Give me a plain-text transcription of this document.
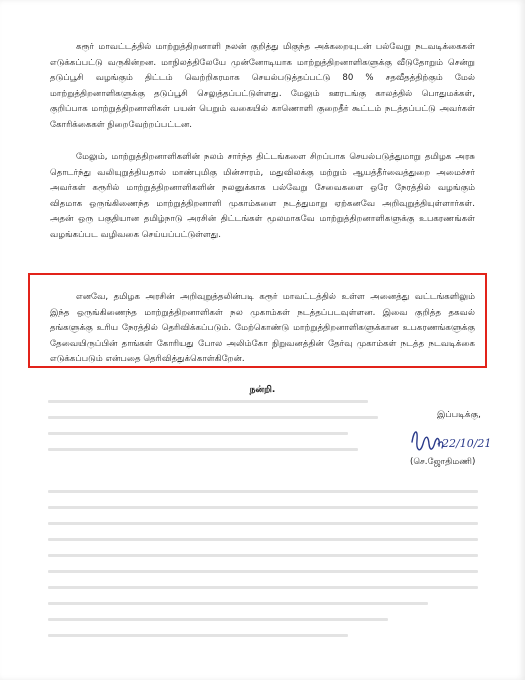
கரூர் மாவட்டத்தில் மாற்றுத்திறனாளி நலன் குறித்து மிகுந்த அக்கறையுடன் பல்வேறு நடவடிக்கைகள் எடுக்கப்பட்டு வருகின்றன. மாநிலத்திலேயே முன்னோடியாக மாற்றுத்திறனாளிகளுக்கு வீடுதோறும் சென்று தடுப்பூசி வழங்கும் திட்டம் வெற்றிகரமாக செயல்படுத்தப்பட்டு 80 % சதவீதத்திற்கும் மேல் மாற்றுத்திறனாளிகளுக்கு தடுப்பூசி செலுத்தப்பட்டுள்ளது. மேலும் ஊரடங்கு காலத்தில் பொதுமக்கள், குறிப்பாக மாற்றுத்திறனாளிகள் பயன் பெறும் வகையில் காணொளி குறைதீர் கூட்டம் நடத்தப்பட்டு அவர்கள் கோரிக்கைகள் நிறைவேற்றப்பட்டன.

மேலும், மாற்றுத்திறனாளிகளின் நலம் சார்ந்த திட்டங்களை சிறப்பாக செயல்படுத்துமாறு தமிழக அரசு தொடர்ந்து வலியுறுத்தியதால் மாண்புமிகு மின்சாரம், மதுவிலக்கு மற்றும் ஆயத்தீர்வைத்துறை அமைச்சர் அவர்கள் கரூரில் மாற்றுத்திறனாளிகளின் நலனுக்காக பல்வேறு சேவைகளை ஒரே நேரத்தில் வழங்கும் விதமாக ஒருங்கிணைந்த மாற்றுத்திறனாளி முகாம்களை நடத்துமாறு ஏற்கனவே அறிவுறுத்தியுள்ளார்கள். அதன் ஒரு பகுதியான தமிழ்நாடு அரசின் திட்டங்கள் மூலமாகவே மாற்றுத்திறனாளிகளுக்கு உபகரணங்கள் வழங்கப்பட வழிவகை செய்யப்பட்டுள்ளது.

எனவே, தமிழக அரசின் அறிவுறுத்தலின்படி கரூர் மாவட்டத்தில் உள்ள அனைத்து வட்டங்களிலும் இந்த ஒருங்கிணைந்த மாற்றுத்திறனாளிகள் நல முகாம்கள் நடத்தப்படவுள்ளன. இவை குறித்த தகவல் தங்களுக்கு உரிய நேரத்தில் தெரிவிக்கப்படும். மேற்கொண்டு மாற்றுத்திறனாளிகளுக்கான உபகரணங்களுக்கு தேவையிருப்பின் தாங்கள் கோரியது போல அலிம்கோ நிறுவனத்தின் தேர்வு முகாம்கள் நடத்த நடவடிக்கை எடுக்கப்படும் என்பதை தெரிவித்துக்கொள்கிறேன்.

நன்றி.
இப்படிக்கு,
22/10/21
(செ.ஜோதிமணி)
